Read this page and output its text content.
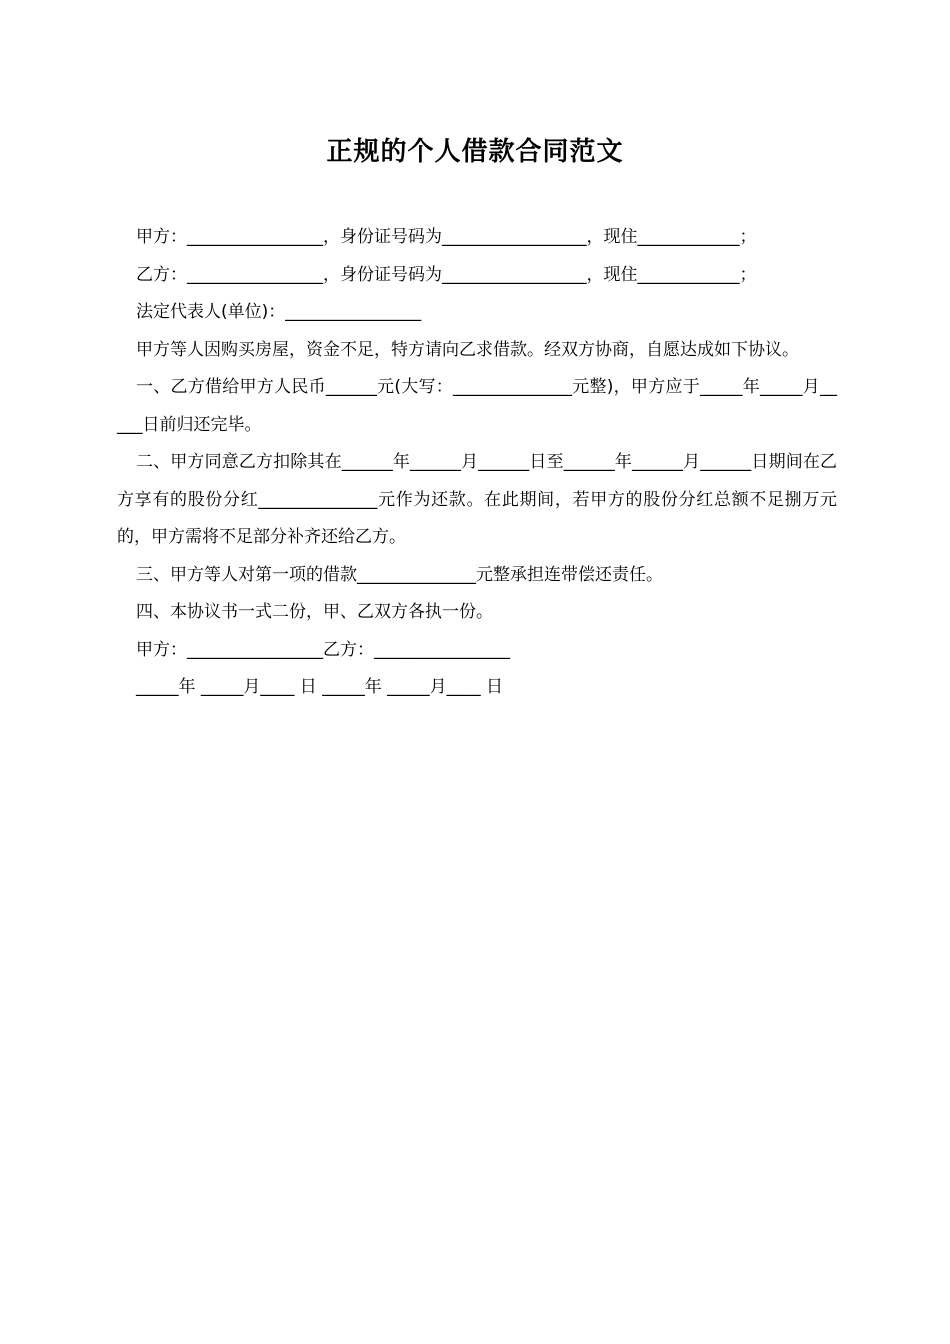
正规的个人借款合同范文

甲方：________________，身份证号码为_________________，现住____________；

乙方：________________，身份证号码为_________________，现住____________；

法定代表人(单位)：________________

甲方等人因购买房屋，资金不足，特方请向乙求借款。经双方协商，自愿达成如下协议。

一、乙方借给甲方人民币______元(大写：______________元整)，甲方应于_____年_____月_____日前归还完毕。

二、甲方同意乙方扣除其在______年______月______日至______年______月______日期间在乙方享有的股份分红______________元作为还款。在此期间，若甲方的股份分红总额不足捌万元的，甲方需将不足部分补齐还给乙方。

三、甲方等人对第一项的借款______________元整承担连带偿还责任。

四、本协议书一式二份，甲、乙双方各执一份。

甲方：________________乙方：________________

_____年 _____月____ 日 _____年 _____月____ 日
